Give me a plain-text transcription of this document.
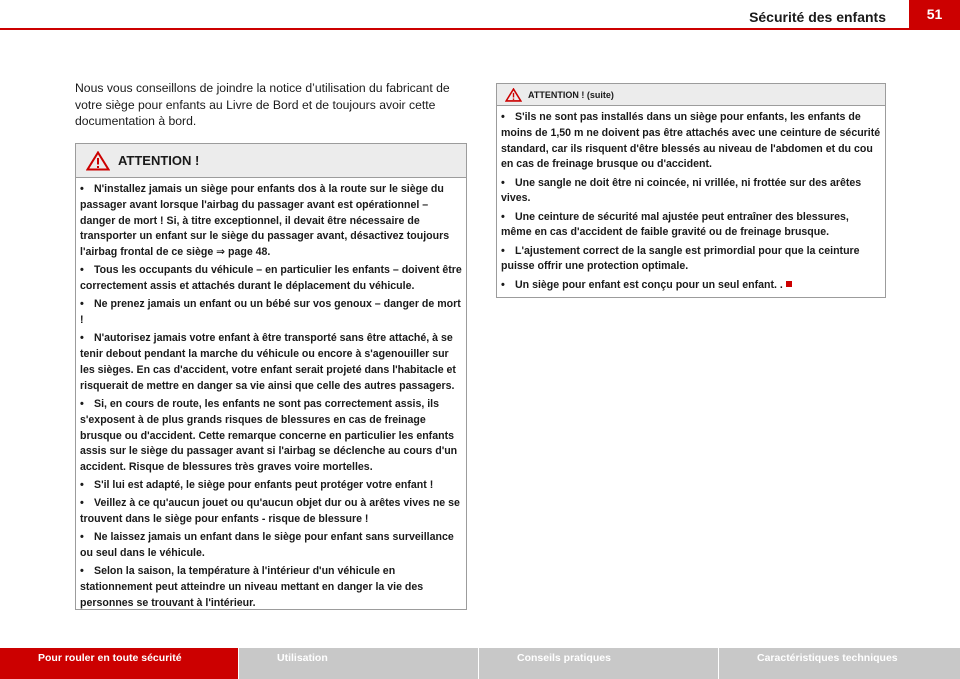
Sécurité des enfants	51

Nous vous conseillons de joindre la notice d’utilisation du fabricant de votre siège pour enfants au Livre de Bord et de toujours avoir cette documentation à bord.

ATTENTION !

• N'installez jamais un siège pour enfants dos à la route sur le siège du passager avant lorsque l'airbag du passager avant est opérationnel – danger de mort ! Si, à titre exceptionnel, il devait être nécessaire de transporter un enfant sur le siège du passager avant, désactivez toujours l'airbag frontal de ce siège ⇒ page 48.

• Tous les occupants du véhicule – en particulier les enfants – doivent être correctement assis et attachés durant le déplacement du véhicule.

• Ne prenez jamais un enfant ou un bébé sur vos genoux – danger de mort !

• N'autorisez jamais votre enfant à être transporté sans être attaché, à se tenir debout pendant la marche du véhicule ou encore à s'agenouiller sur les sièges. En cas d'accident, votre enfant serait projeté dans l'habitacle et risquerait de mettre en danger sa vie ainsi que celle des autres passagers.

• Si, en cours de route, les enfants ne sont pas correctement assis, ils s'exposent à de plus grands risques de blessures en cas de freinage brusque ou d'accident. Cette remarque concerne en particulier les enfants assis sur le siège du passager avant si l'airbag se déclenche au cours d'un accident. Risque de blessures très graves voire mortelles.

• S'il lui est adapté, le siège pour enfants peut protéger votre enfant !

• Veillez à ce qu'aucun jouet ou qu'aucun objet dur ou à arêtes vives ne se trouvent dans le siège pour enfants - risque de blessure !

• Ne laissez jamais un enfant dans le siège pour enfant sans surveillance ou seul dans le véhicule.

• Selon la saison, la température à l'intérieur d'un véhicule en stationnement peut atteindre un niveau mettant en danger la vie des personnes se trouvant à l'intérieur.

ATTENTION ! (suite)

• S'ils ne sont pas installés dans un siège pour enfants, les enfants de moins de 1,50 m ne doivent pas être attachés avec une ceinture de sécurité standard, car ils risquent d'être blessés au niveau de l'abdomen et du cou en cas de freinage brusque ou d'accident.

• Une sangle ne doit être ni coincée, ni vrillée, ni frottée sur des arêtes vives.

• Une ceinture de sécurité mal ajustée peut entraîner des blessures, même en cas d'accident de faible gravité ou de freinage brusque.

• L'ajustement correct de la sangle est primordial pour que la ceinture puisse offrir une protection optimale.

• Un siège pour enfant est conçu pour un seul enfant. .

Pour rouler en toute sécurité	Utilisation	Conseils pratiques	Caractéristiques techniques
